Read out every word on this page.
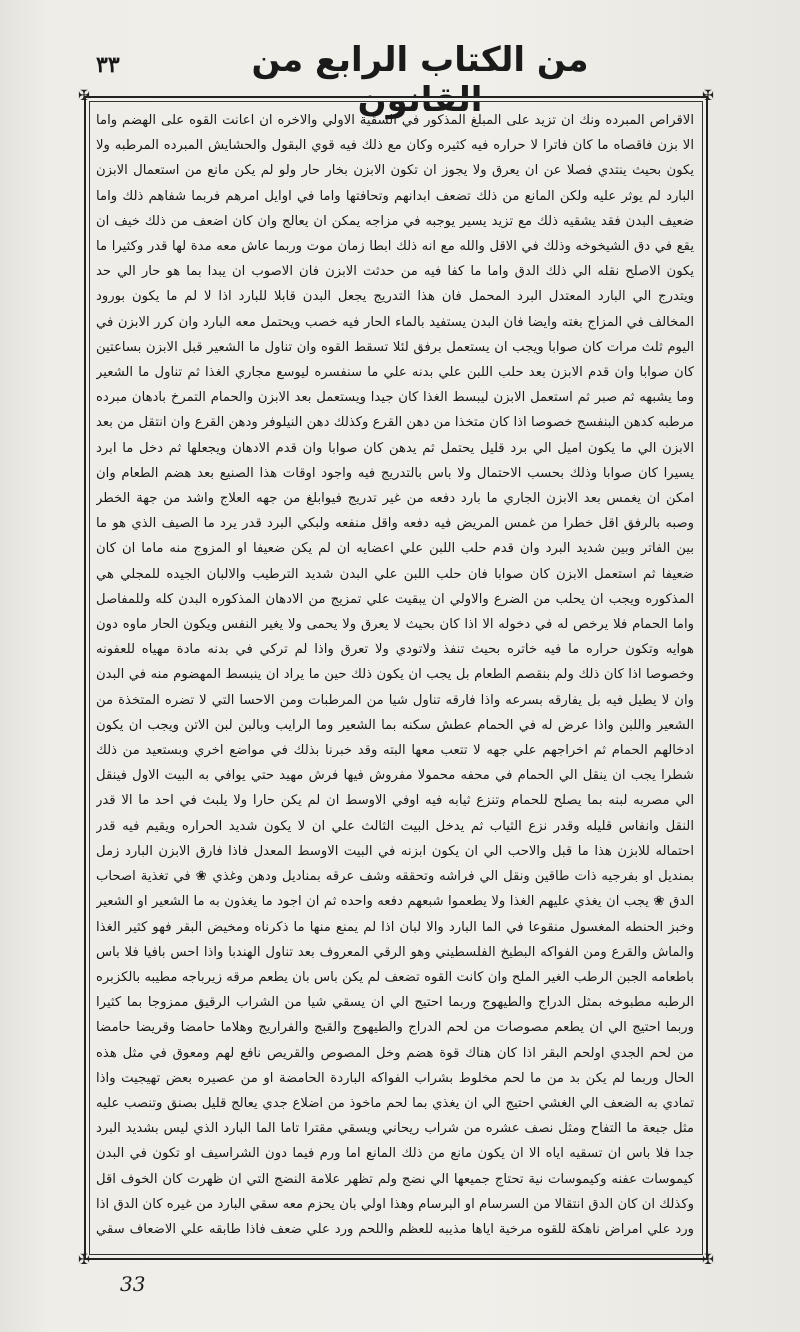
٣٣	من الكتاب الرابع من القانون
✠	✠
✠	✠

الاقراص المبرده ونك ان تزيد على المبلغ المذكور في السقية الاولي والاخره ان اعانت القوه على الهضم واما الا بزن فاقصاه ما كان فاترا لا حراره فيه كثيره وكان مع ذلك فيه قوي البقول والحشايش المبرده المرطبه ولا يكون بحيث ينتدي فصلا عن ان يعرق ولا يجوز ان تكون الابزن بخار حار ولو لم يكن مانع من استعمال الابزن البارد لم يوثر عليه ولكن المانع من ذلك تضعف ابدانهم وتحافتها واما في اوايل امرهم فربما شفاهم ذلك واما ضعيف البدن فقد يشقيه ذلك مع تزيد يسير يوجبه في مزاجه يمكن ان يعالج وان كان اضعف من ذلك خيف ان يقع في دق الشيخوخه وذلك في الاقل والله مع انه ذلك ابطا زمان موت وربما عاش معه مدة لها قدر وكثيرا ما يكون الاصلح نقله الي ذلك الدق واما ما كفا فيه من حدثت الابزن فان الاصوب ان يبدا بما هو حار الي حد ويتدرج الي البارد المعتدل البرد المحمل فان هذا التدريج يجعل البدن قابلا للبارد اذا لا لم ما يكون بورود المخالف في المزاج بغته وايضا فان البدن يستفيد بالماء الحار فيه خصب ويحتمل معه البارد وان كرر الابزن في اليوم ثلث مرات كان صوابا ويجب ان يستعمل برفق لئلا تسقط القوه وان تناول ما الشعير قبل الابزن بساعتين كان صوابا وان قدم الابزن بعد حلب اللبن علي بدنه علي ما سنفسره ليوسع مجاري الغذا ثم تناول ما الشعير وما يشبهه ثم صبر ثم استعمل الابزن ليبسط الغذا كان جيدا ويستعمل بعد الابزن والحمام التمرخ بادهان مبرده مرطبه كدهن البنفسج خصوصا اذا كان متخذا من دهن القرع وكذلك دهن النيلوفر ودهن القرع وان انتقل من بعد الابزن الي ما يكون اميل الي برد قليل يحتمل ثم يدهن كان صوابا وان قدم الادهان ويجعلها ثم دخل ما ابرد يسيرا كان صوابا وذلك بحسب الاحتمال ولا باس بالتدريج فيه واجود اوقات هذا الصنيع بعد هضم الطعام وان امكن ان يغمس بعد الابزن الجاري ما بارد دفعه من غير تدريج فيوابلغ من جهه العلاج واشد من جهة الخطر وصبه بالرفق اقل خطرا من غمس المريض فيه دفعه واقل منفعه ولبكي البرد قدر يرد ما الصيف الذي هو ما بين الفاتر وبين شديد البرد وان قدم حلب اللبن علي اعضايه ان لم يكن ضعيفا او المزوج منه ماما ان كان ضعيفا ثم استعمل الابزن كان صوابا فان حلب اللبن علي البدن شديد الترطيب والالبان الجيده للمجلي هي المذكوره ويجب ان يحلب من الضرع والاولي ان يبقيت علي تمزيج من الادهان المذكوره البدن كله وللمفاصل واما الحمام فلا يرخص له في دخوله الا اذا كان بحيث لا يعرق ولا يحمى ولا يغير النفس ويكون الحار ماوه دون هوايه وتكون حراره ما فيه خاتره بحيث تنفذ ولاتودي ولا تعرق واذا لم تركي في بدنه مادة مهياه للعفونه وخصوصا اذا كان ذلك ولم بنقصم الطعام بل يجب ان يكون ذلك حين ما يراد ان ينبسط المهضوم منه في البدن وان لا يطيل فيه بل يفارقه بسرعه واذا فارقه تناول شيا من المرطبات ومن الاحسا التي لا تضره المتخذة من الشعير واللبن واذا عرض له في الحمام عطش سكنه بما الشعير وما الرايب وبالبن لبن الاتن ويجب ان يكون ادخالهم الحمام ثم اخراجهم علي جهه لا تتعب معها البته وقد خبرنا بذلك في مواضع اخري وبستعيد من ذلك شطرا يجب ان ينقل الي الحمام في محفه محمولا مفروش فيها فرش مهيد حتي يوافي به البيت الاول فينقل الي مصربه لبنه بما يصلح للحمام وتنزع ثيابه فيه اوفي الاوسط ان لم يكن حارا ولا يلبث في احد ما الا قدر النقل وانفاس قليله وقدر نزع الثياب ثم يدخل البيت الثالث علي ان لا يكون شديد الحراره ويقيم فيه قدر احتماله للابزن هذا ما قبل والاحب الي ان يكون ابزنه في البيت الاوسط المعدل فاذا فارق الابزن البارد زمل بمنديل او بفرجيه ذات طاقين ونقل الي فراشه وتحققه وشف عرقه بمناديل ودهن وغذي ❀ في تغذية اصحاب الدق ❀ يجب ان يغذي عليهم الغذا ولا يطعموا شبعهم دفعه واحده ثم ان اجود ما يغذون به ما الشعير او الشعير وخبز الحنطه المغسول منقوعا في الما البارد والا لبان اذا لم يمنع منها ما ذكرناه ومخيض البقر فهو كثير الغذا والماش والقرع ومن الفواكه البطيخ الفلسطيني وهو الرقي المعروف بعد تناول الهندبا واذا احس بافيا فلا باس باطعامه الجبن الرطب الغير الملح وان كانت القوه تضعف لم يكن باس بان يطعم مرقه زيرباجه مطيبه بالكزبره الرطبه مطبوخه بمثل الدراج والطيهوج وربما احتيج الي ان يسقي شيا من الشراب الرقيق ممزوجا بما كثيرا وربما احتيج الي ان يطعم مصوصات من لحم الدراج والطيهوج والقبج والفراريج وهلاما حامضا وقريضا حامضا من لحم الجدي اولحم البقر اذا كان هناك قوة هضم وخل المصوص والقريص نافع لهم ومعوق في مثل هذه الحال وربما لم يكن بد من ما لحم مخلوط بشراب الفواكه الباردة الحامضة او من عصيره بعض تهيجيت واذا تمادي به الضعف الي الغشي احتيج الي ان يغذي بما لحم ماخوذ من اضلاع جدي يعالج قليل بصنق وتنصب عليه مثل جبعة ما التفاح ومثل نصف عشره من شراب ريحاني ويسقي مقترا تاما الما البارد الذي ليس بشديد البرد جدا فلا باس ان تسقيه اياه الا ان يكون مانع من ذلك المانع اما ورم فيما دون الشراسيف او تكون في البدن كيموسات عفنه وكيموسات نية تحتاج جميعها الي نضج ولم تظهر علامة النضج التي ان ظهرت كان الخوف اقل وكذلك ان كان الدق انتقالا من السرسام او البرسام وهذا اولي بان يحزم معه سقي البارد من غيره كان الدق اذا ورد علي امراض ناهكة للقوه مرخية اياها مذيبه للعظم واللحم ورد علي ضعف فاذا طابقه علي الاضعاف سقي

33
